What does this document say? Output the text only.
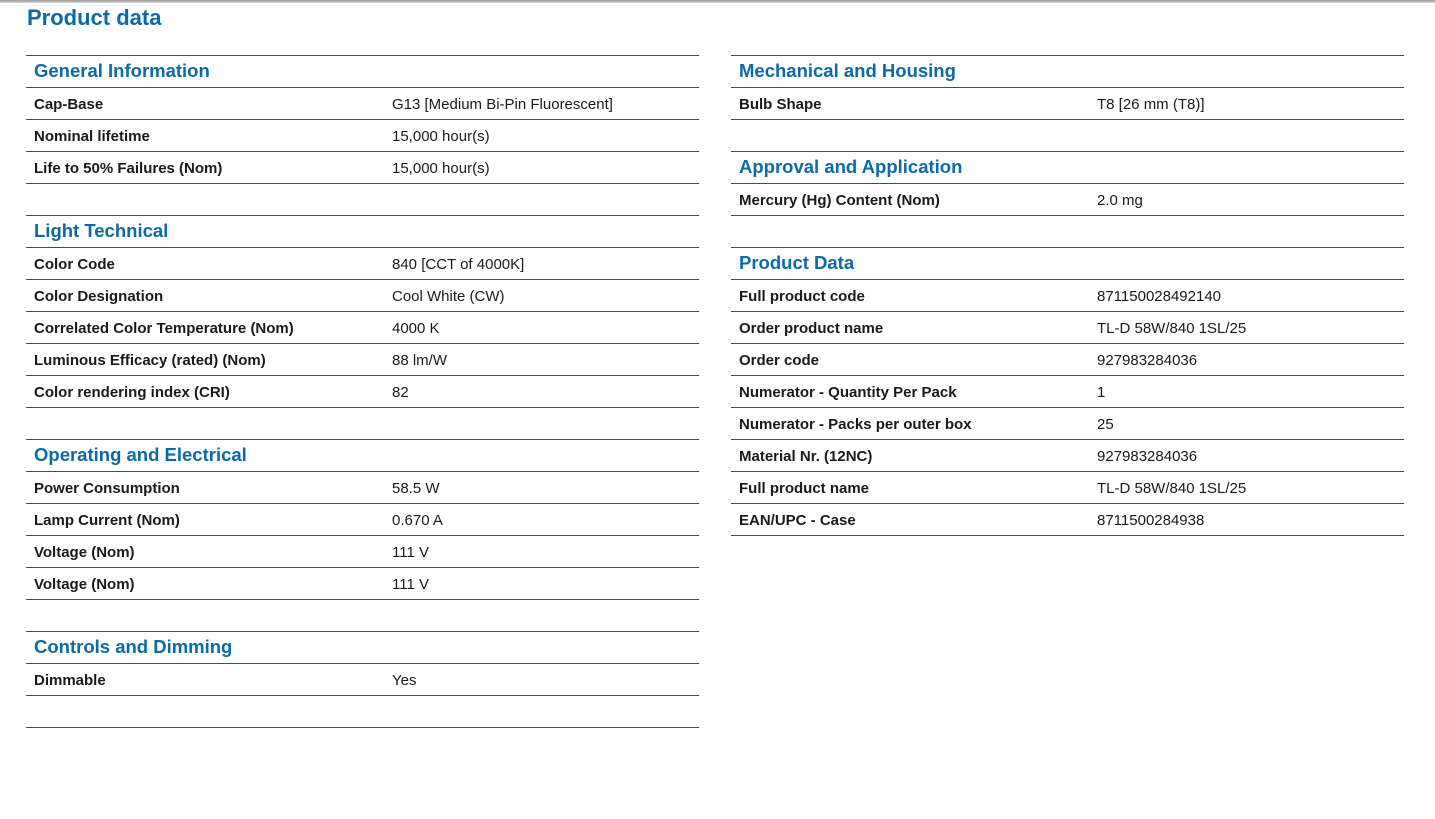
Product data
General Information
Cap-Base	G13 [Medium Bi-Pin Fluorescent]
Nominal lifetime	15,000 hour(s)
Life to 50% Failures (Nom)	15,000 hour(s)
Light Technical
Color Code	840 [CCT of 4000K]
Color Designation	Cool White (CW)
Correlated Color Temperature (Nom)	4000 K
Luminous Efficacy (rated) (Nom)	88 lm/W
Color rendering index (CRI)	82
Operating and Electrical
Power Consumption	58.5 W
Lamp Current (Nom)	0.670 A
Voltage (Nom)	111 V
Voltage (Nom)	111 V
Controls and Dimming
Dimmable	Yes
Mechanical and Housing
Bulb Shape	T8 [26 mm (T8)]
Approval and Application
Mercury (Hg) Content (Nom)	2.0 mg
Product Data
Full product code	871150028492140
Order product name	TL-D 58W/840 1SL/25
Order code	927983284036
Numerator - Quantity Per Pack	1
Numerator - Packs per outer box	25
Material Nr. (12NC)	927983284036
Full product name	TL-D 58W/840 1SL/25
EAN/UPC - Case	8711500284938
